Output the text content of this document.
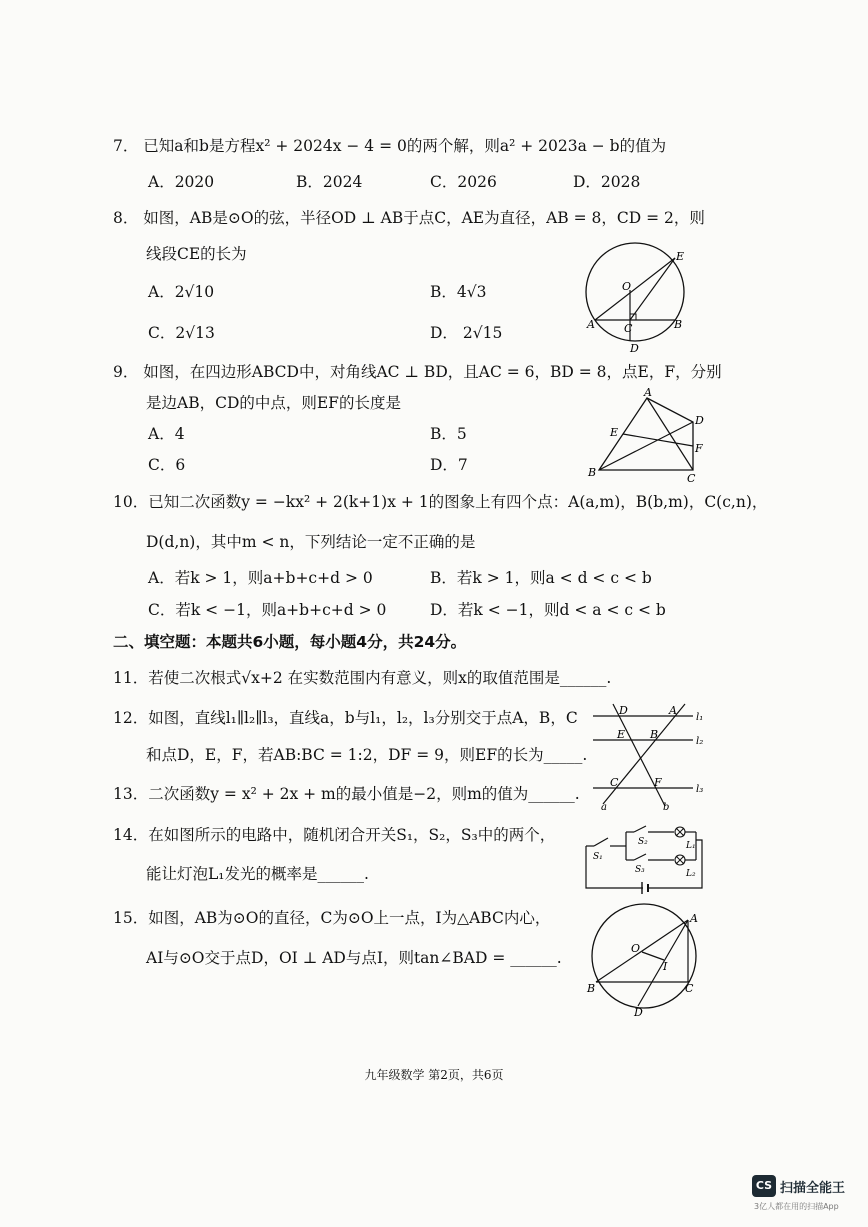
7． 已知a和b是方程x² + 2024x − 4 = 0的两个解，则a² + 2023a − b的值为
A．2020	B．2024	C．2026	D．2028
8． 如图，AB是⊙O的弦，半径OD ⊥ AB于点C，AE为直径，AB = 8，CD = 2，则
线段CE的长为
A．2√10	B．4√3
C．2√13	D． 2√15
E
O
A	C	B
D
9． 如图，在四边形ABCD中，对角线AC ⊥ BD，且AC = 6，BD = 8，点E，F，分别
是边AB，CD的中点，则EF的长度是
A．4	B．5
C．6	D．7
A
D
E
F
B	C
10．已知二次函数y = −kx² + 2(k+1)x + 1的图象上有四个点：A(a,m)，B(b,m)，C(c,n)，
D(d,n)，其中m < n，下列结论一定不正确的是
A．若k > 1，则a+b+c+d > 0	B．若k > 1，则a < d < c < b
C．若k < −1，则a+b+c+d > 0	D．若k < −1，则d < a < c < b
二、填空题：本题共6小题，每小题4分，共24分。
11．若使二次根式√x+2 在实数范围内有意义，则x的取值范围是______.
12．如图，直线l₁∥l₂∥l₃，直线a，b与l₁，l₂，l₃分别交于点A，B，C
和点D，E，F，若AB:BC = 1:2，DF = 9，则EF的长为_____.
D	A
l₁
E B
l₂
C	F
l₃
a	b
13．二次函数y = x² + 2x + m的最小值是−2，则m的值为______.
14．在如图所示的电路中，随机闭合开关S₁，S₂，S₃中的两个，
能让灯泡L₁发光的概率是______.
S₁
S₂
S₃
L₁
L₂
15．如图，AB为⊙O的直径，C为⊙O上一点，I为△ABC内心，
AI与⊙O交于点D，OI ⊥ AD与点I，则tan∠BAD = ______.
A
O
I
B	C
D
九年级数学 第2页，共6页
CS 扫描全能王
3亿人都在用的扫描App
